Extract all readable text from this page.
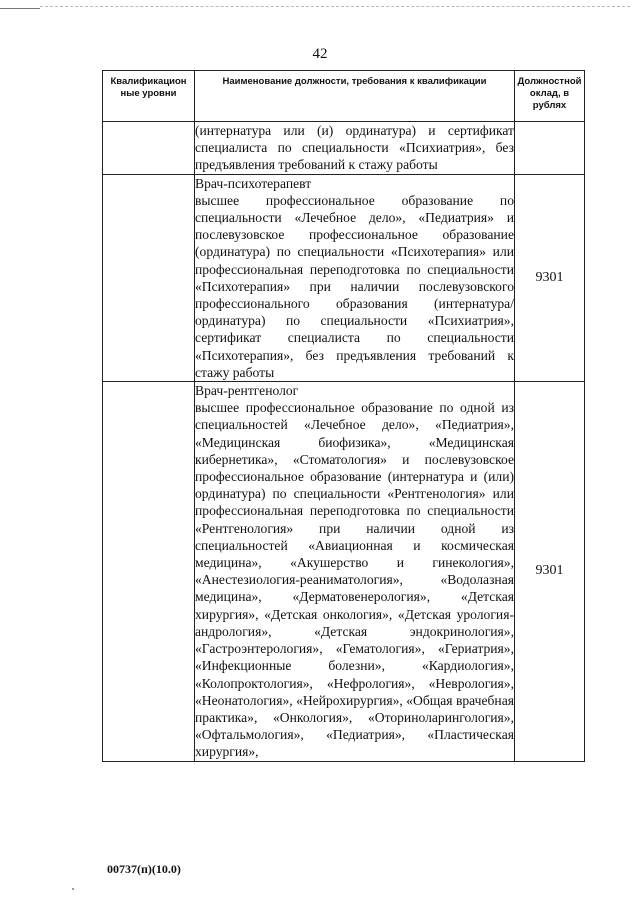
42
Квалификацион ные уровни	Наименование должности, требования к квалификации	Должностной оклад, в рублях

	(интернатура или (и) ординатура) и сертификат специалиста по специальности «Психиатрия», без предъявления требований к стажу работы	

	Врач-психотерапевт
высшее профессиональное образование по специальности «Лечебное дело», «Педиатрия» и послевузовское профессиональное образование (ординатура) по специальности «Психотерапия» или профессиональная переподготовка по специальности «Психотерапия» при наличии послевузовского профессионального образования (интернатура/ординатура) по специальности «Психиатрия», сертификат специалиста по специальности «Психотерапия», без предъявления требований к стажу работы	9301

	Врач-рентгенолог
высшее профессиональное образование по одной из специальностей «Лечебное дело», «Педиатрия», «Медицинская биофизика», «Медицинская кибернетика», «Стоматология» и послевузовское профессиональное образование (интернатура и (или) ординатура) по специальности «Рентгенология» или профессиональная переподготовка по специальности «Рентгенология» при наличии одной из специальностей «Авиационная и космическая медицина», «Акушерство и гинекология», «Анестезиология-реаниматология», «Водолазная медицина», «Дерматовенерология», «Детская хирургия», «Детская онкология», «Детская урология-андрология», «Детская эндокринология», «Гастроэнтерология», «Гематология», «Гериатрия», «Инфекционные болезни», «Кардиология», «Колопроктология», «Нефрология», «Неврология», «Неонатология», «Нейрохирургия», «Общая врачебная практика», «Онкология», «Оториноларингология», «Офтальмология», «Педиатрия», «Пластическая хирургия»,	9301
00737(п)(10.0)
